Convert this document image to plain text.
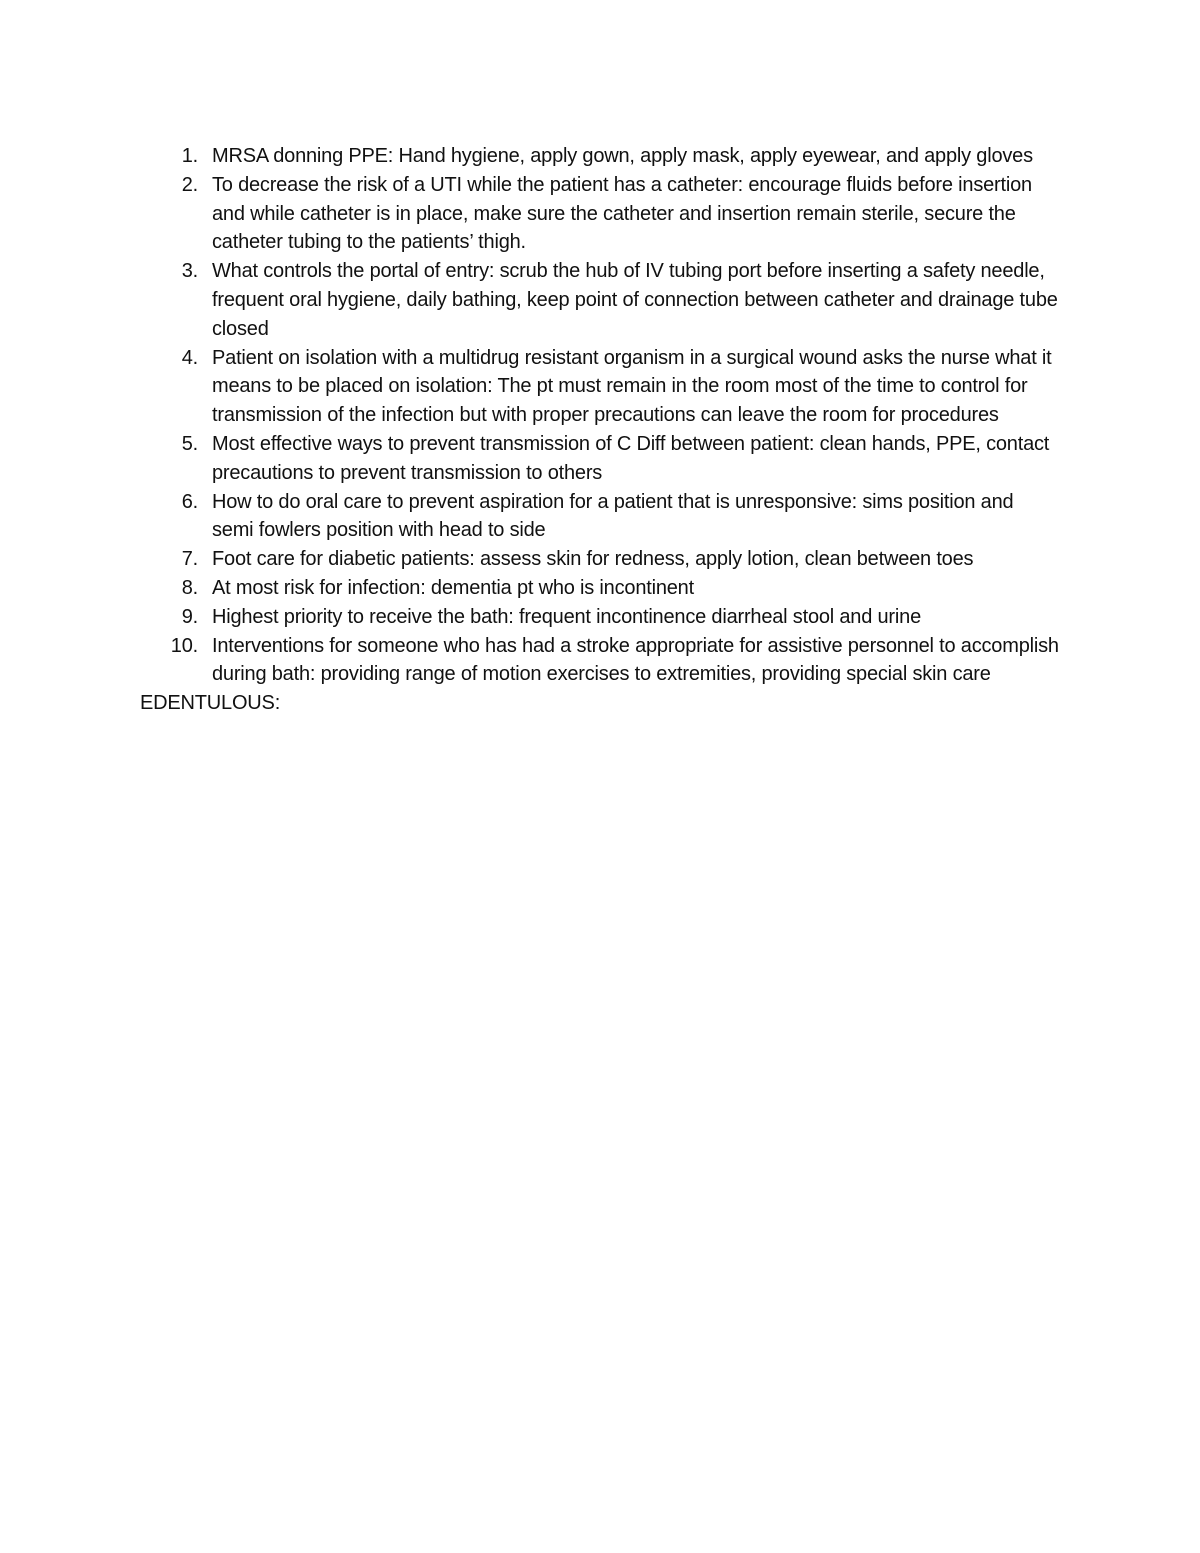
1. MRSA donning PPE: Hand hygiene, apply gown, apply mask, apply eyewear, and apply gloves
2. To decrease the risk of a UTI while the patient has a catheter: encourage fluids before insertion and while catheter is in place, make sure the catheter and insertion remain sterile, secure the catheter tubing to the patients’ thigh.
3. What controls the portal of entry: scrub the hub of IV tubing port before inserting a safety needle, frequent oral hygiene, daily bathing, keep point of connection between catheter and drainage tube closed
4. Patient on isolation with a multidrug resistant organism in a surgical wound asks the nurse what it means to be placed on isolation: The pt must remain in the room most of the time to control for transmission of the infection but with proper precautions can leave the room for procedures
5. Most effective ways to prevent transmission of C Diff between patient: clean hands, PPE, contact precautions to prevent transmission to others
6. How to do oral care to prevent aspiration for a patient that is unresponsive: sims position and semi fowlers position with head to side
7. Foot care for diabetic patients: assess skin for redness, apply lotion, clean between toes
8. At most risk for infection: dementia pt who is incontinent
9. Highest priority to receive the bath: frequent incontinence diarrheal stool and urine
10. Interventions for someone who has had a stroke appropriate for assistive personnel to accomplish during bath: providing range of motion exercises to extremities, providing special skin care

EDENTULOUS:
